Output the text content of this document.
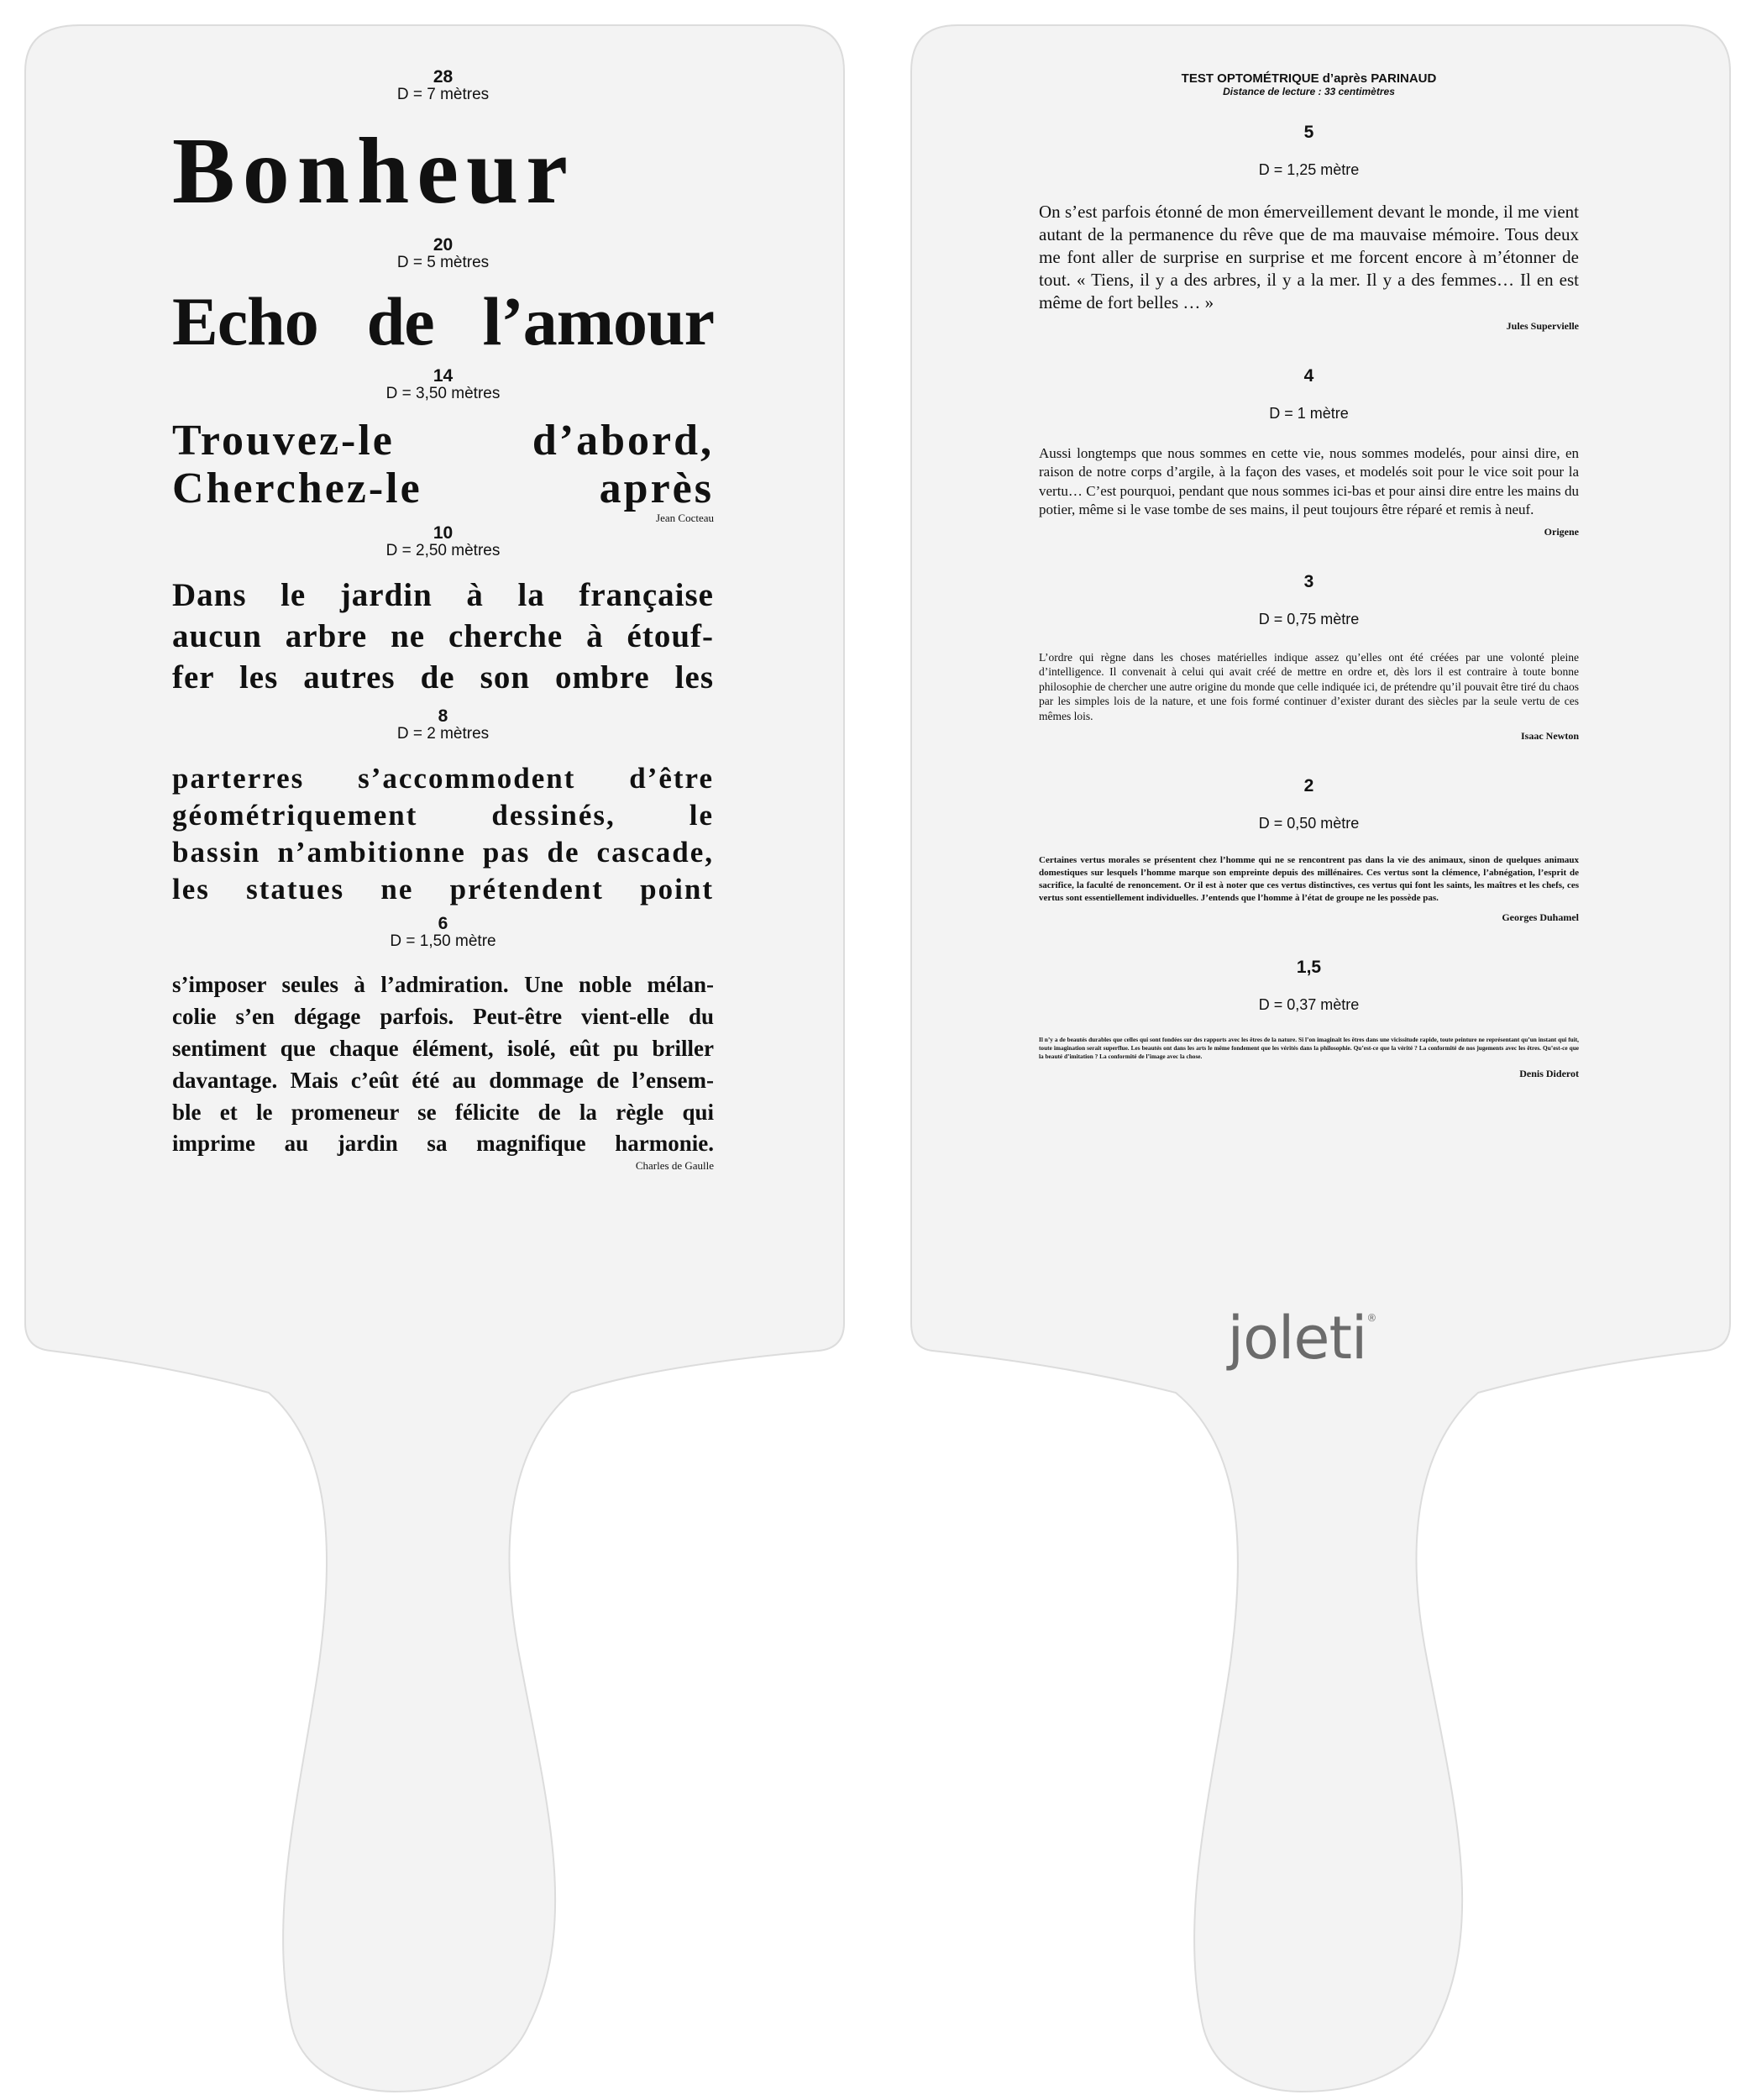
28

D = 7 mètres

Bonheur

20

D = 5 mètres

Echo de l’amour

14

D = 3,50 mètres

Trouvez-le d’abord,

Cherchez-le après

Jean Cocteau

10

D = 2,50 mètres

Dans le jardin à la française

aucun arbre ne cherche à étouf-

fer les autres de son ombre les

8

D = 2 mètres

parterres s’accommodent d’être

géométriquement dessinés, le

bassin n’ambitionne pas de cascade,

les statues ne prétendent point

6

D = 1,50 mètre

s’imposer seules à l’admiration. Une noble mélan-

colie s’en dégage parfois. Peut-être vient-elle du

sentiment que chaque élément, isolé, eût pu briller

davantage. Mais c’eût été au dommage de l’ensem-

ble et le promeneur se félicite de la règle qui

imprime au jardin sa magnifique harmonie.

Charles de Gaulle

TEST OPTOMÉTRIQUE d’après PARINAUD

Distance de lecture : 33 centimètres

5

D = 1,25 mètre

On s’est parfois étonné de mon émerveillement devant le monde, il me vient autant de la permanence du rêve que de ma mauvaise mémoire. Tous deux me font aller de surprise en surprise et me forcent encore à m’étonner de tout. « Tiens, il y a des arbres, il y a la mer. Il y a des femmes… Il en est même de fort belles … »

Jules Supervielle

4

D = 1 mètre

Aussi longtemps que nous sommes en cette vie, nous sommes modelés, pour ainsi dire, en raison de notre corps d’argile, à la façon des vases, et modelés soit pour le vice soit pour la vertu… C’est pourquoi, pendant que nous sommes ici-bas et pour ainsi dire entre les mains du potier, même si le vase tombe de ses mains, il peut toujours être réparé et remis à neuf.

Origene

3

D = 0,75 mètre

L’ordre qui règne dans les choses matérielles indique assez qu’elles ont été créées par une volonté pleine d’intelligence. Il convenait à celui qui avait créé de mettre en ordre et, dès lors il est contraire à toute bonne philosophie de chercher une autre origine du monde que celle indiquée ici, de prétendre qu’il pouvait être tiré du chaos par les simples lois de la nature, et une fois formé continuer d’exister durant des siècles par la seule vertu de ces mêmes lois.

Isaac Newton

2

D = 0,50 mètre

Certaines vertus morales se présentent chez l’homme qui ne se rencontrent pas dans la vie des animaux, sinon de quelques animaux domestiques sur lesquels l’homme marque son empreinte depuis des millénaires. Ces vertus sont la clémence, l’abnégation, l’esprit de sacrifice, la faculté de renoncement. Or il est à noter que ces vertus distinctives, ces vertus qui font les saints, les maîtres et les chefs, ces vertus sont essentiellement individuelles. J’entends que l’homme à l’état de groupe ne les possède pas.

Georges Duhamel

1,5

D = 0,37 mètre

Il n’y a de beautés durables que celles qui sont fondées sur des rapports avec les êtres de la nature. Si l’on imaginait les êtres dans une vicissitude rapide, toute peinture ne représentant qu’un instant qui fuit, toute imagination serait superflue. Les beautés ont dans les arts le même fondement que les vérités dans la philosophie. Qu’est-ce que la vérité ? La conformité de nos jugements avec les êtres. Qu’est-ce que la beauté d’imitation ? La conformité de l’image avec la chose.

Denis Diderot

joleti®
